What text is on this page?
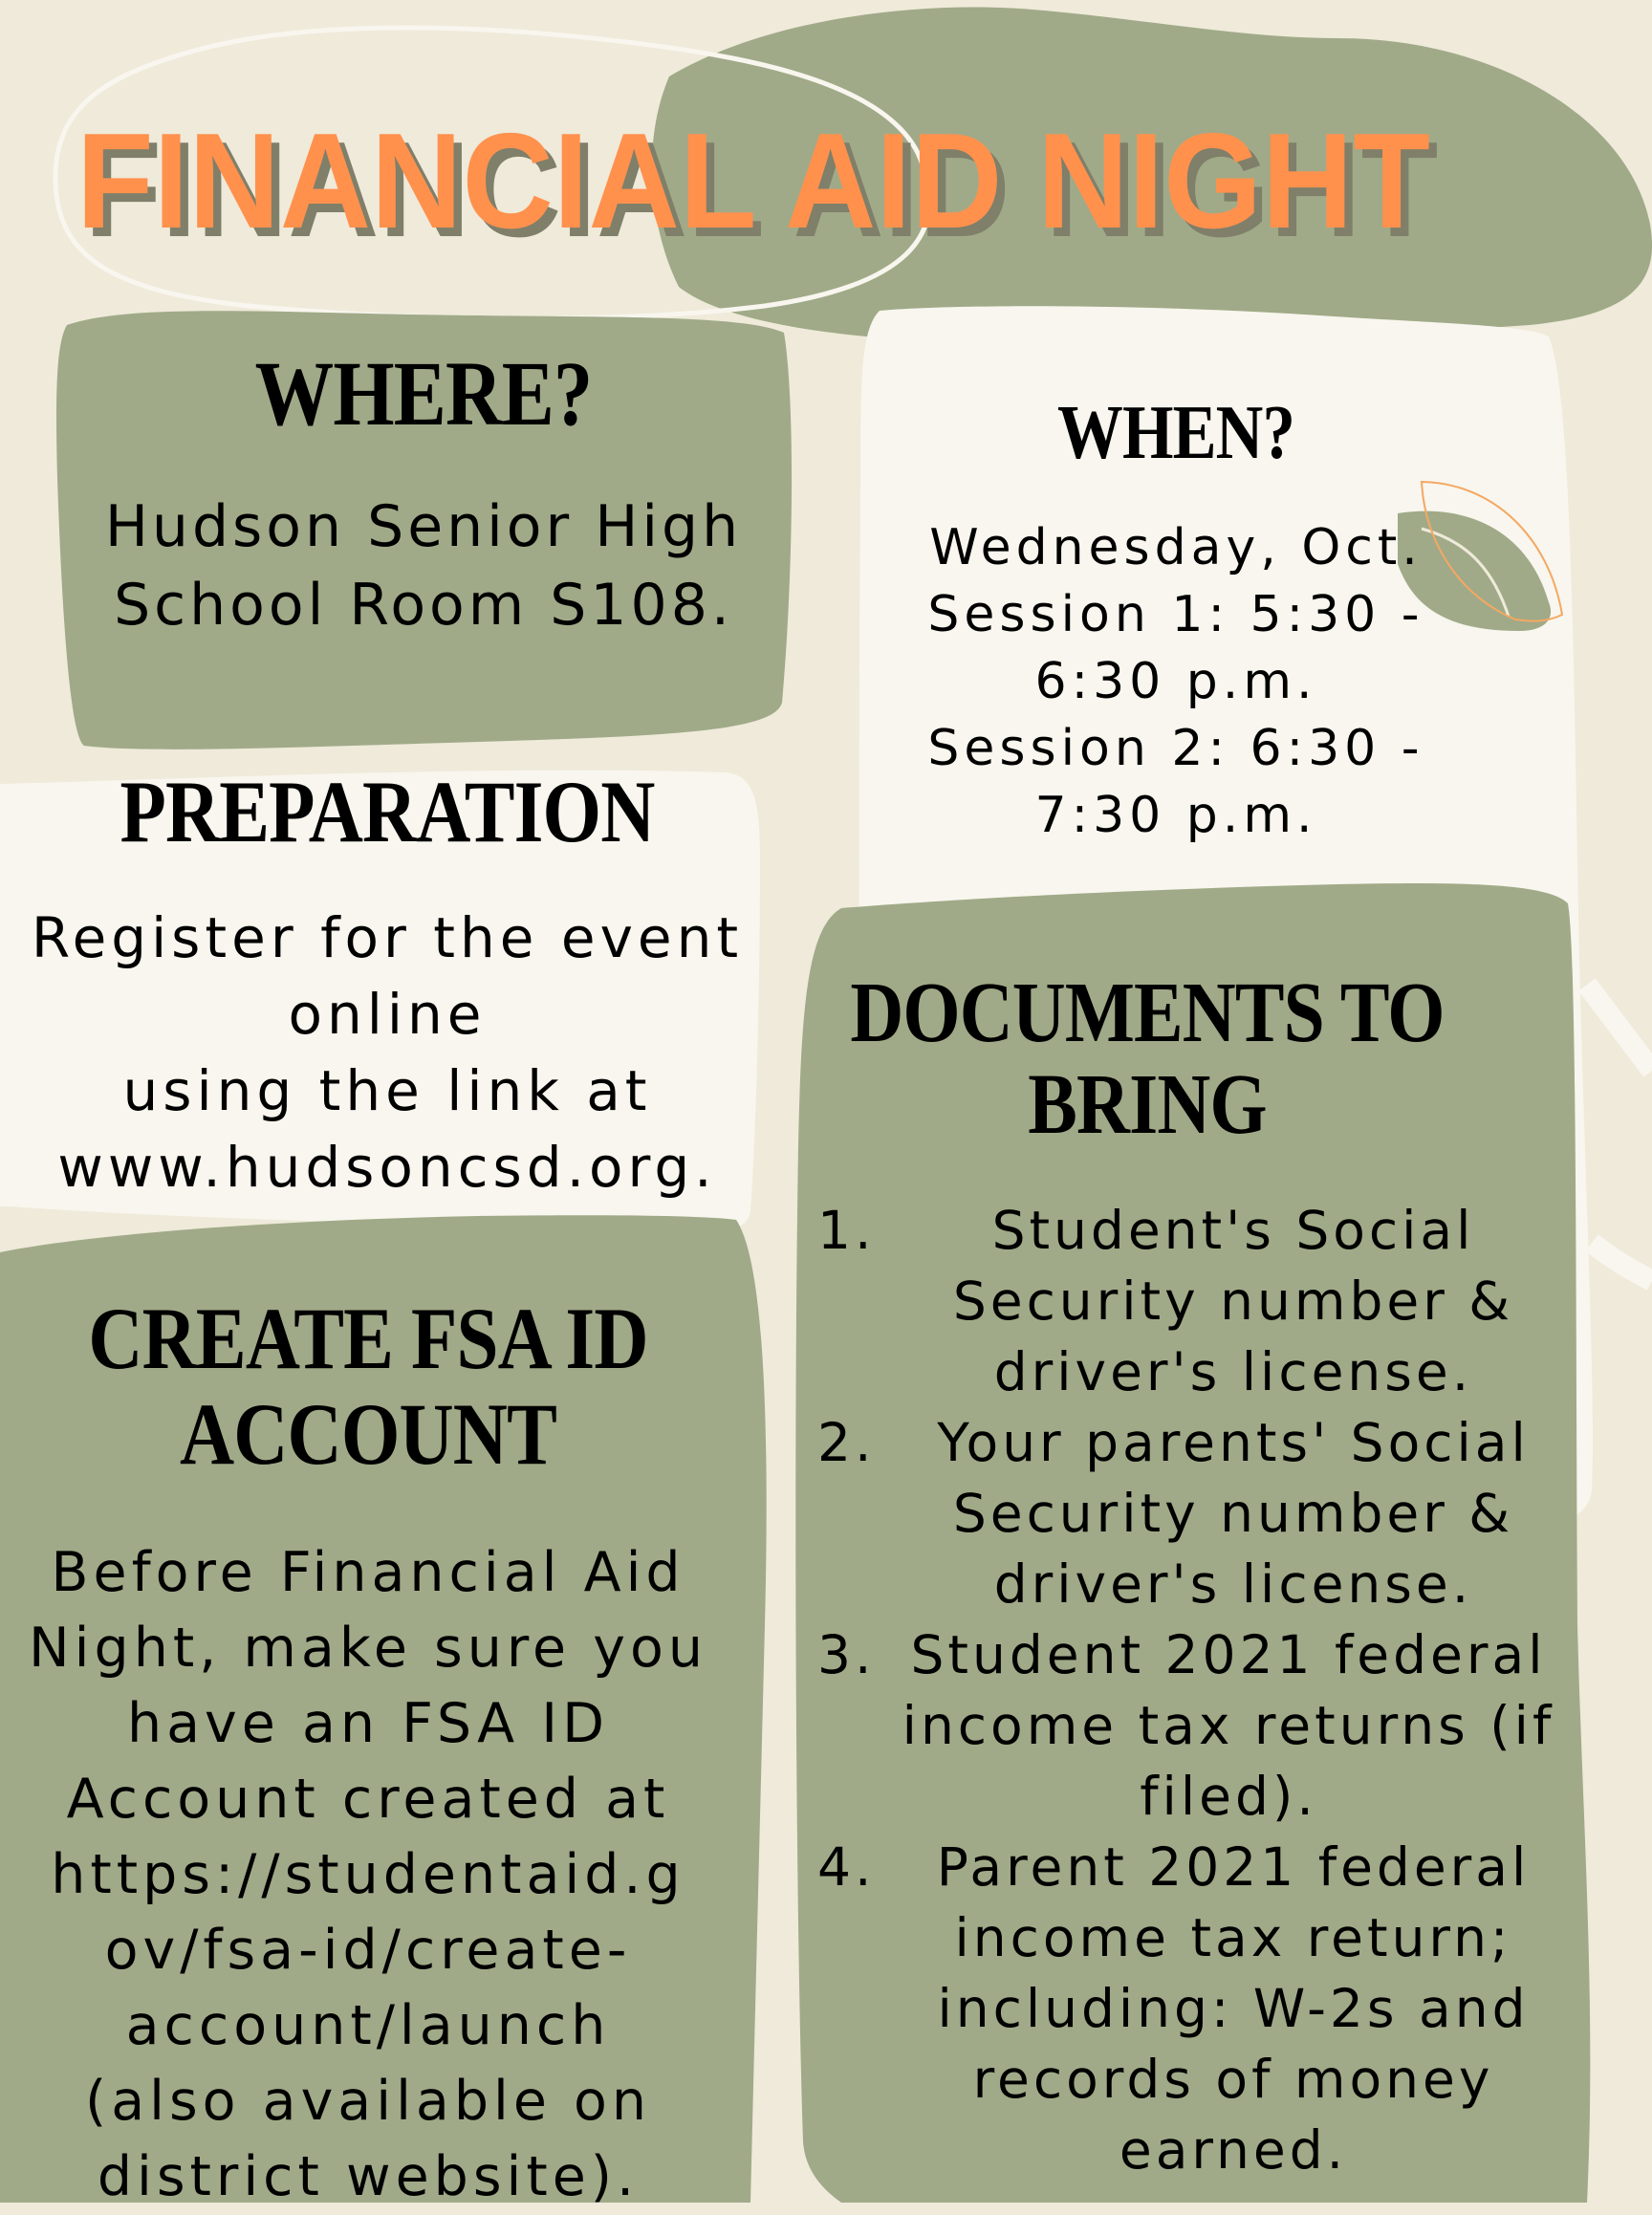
FINANCIAL AID NIGHT
WHERE?
Hudson Senior High
School Room S108.
WHEN?
Wednesday, Oct.
Session 1: 5:30 -
6:30 p.m.
Session 2: 6:30 -
7:30 p.m.
PREPARATION
Register for the event
online
using the link at
www.hudsoncsd.org.
CREATE FSA ID
ACCOUNT
Before Financial Aid
Night, make sure you
have an FSA ID
Account created at
https://studentaid.g
ov/fsa-id/create-
account/launch
(also available on
district website).
DOCUMENTS TO
BRING
1.	Student's Social
Security number &
driver's license.
2.	Your parents' Social
Security number &
driver's license.
3. Student 2021 federal
income tax returns (if
filed).
4.	Parent 2021 federal
income tax return;
including: W-2s and
records of money
earned.
